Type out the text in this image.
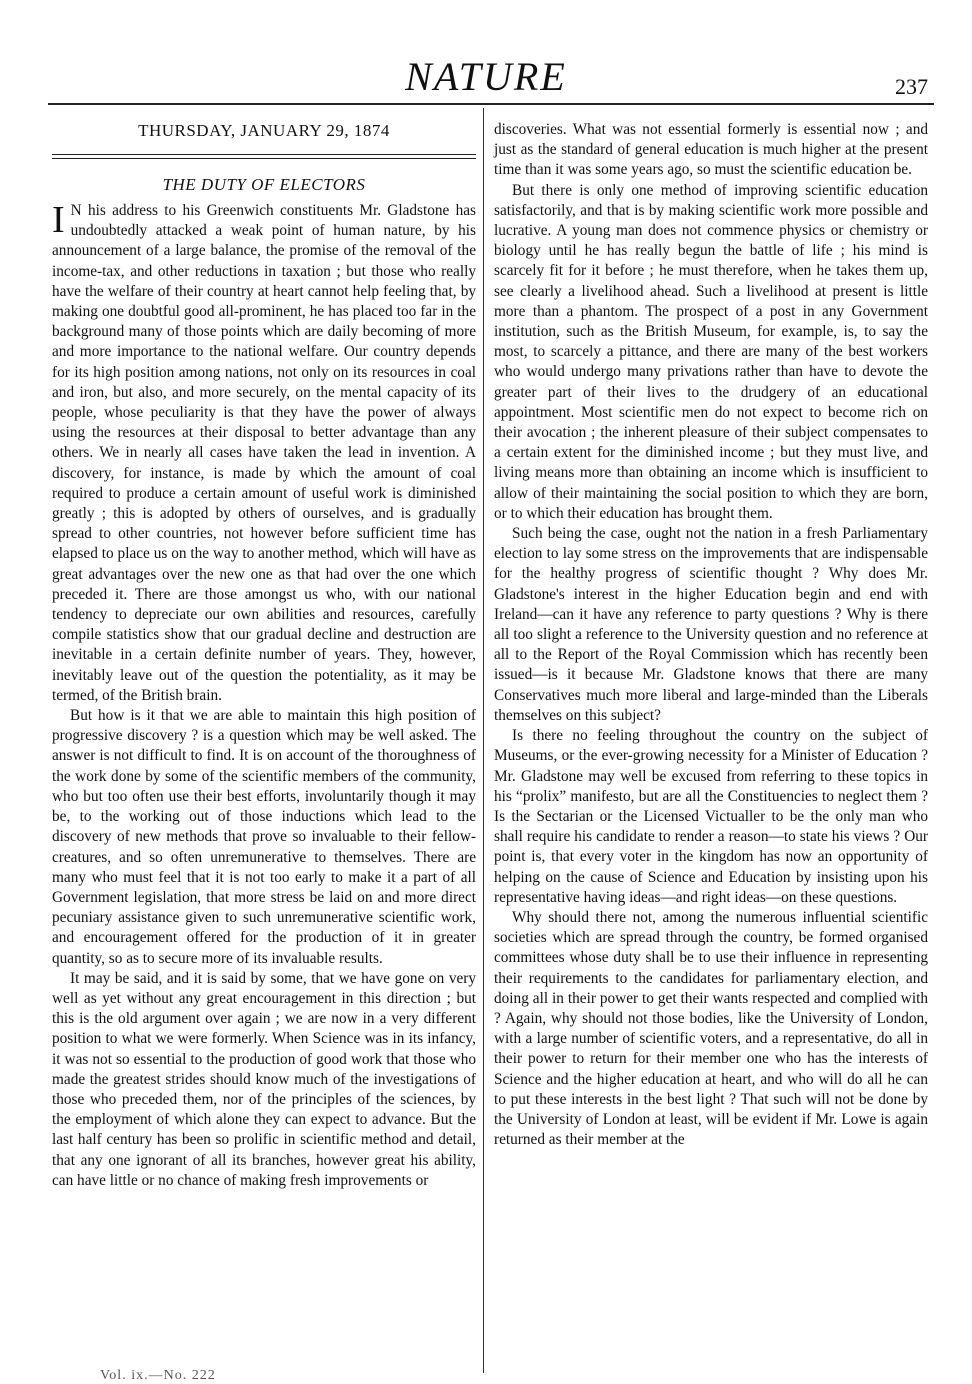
NATURE	237
THURSDAY, JANUARY 29, 1874
THE DUTY OF ELECTORS

I N his address to his Greenwich constituents Mr. Gladstone has undoubtedly attacked a weak point of human nature, by his announcement of a large balance, the promise of the removal of the income-tax, and other reductions in taxation ; but those who really have the welfare of their country at heart cannot help feeling that, by making one doubtful good all-prominent, he has placed too far in the background many of those points which are daily becoming of more and more importance to the national welfare. Our country depends for its high position among nations, not only on its resources in coal and iron, but also, and more securely, on the mental capacity of its people, whose peculiarity is that they have the power of always using the resources at their disposal to better advantage than any others. We in nearly all cases have taken the lead in invention. A discovery, for instance, is made by which the amount of coal required to produce a certain amount of useful work is diminished greatly ; this is adopted by others of ourselves, and is gradually spread to other countries, not however before sufficient time has elapsed to place us on the way to another method, which will have as great advantages over the new one as that had over the one which preceded it. There are those amongst us who, with our national tendency to depreciate our own abilities and resources, carefully compile statistics show that our gradual decline and destruction are inevitable in a certain definite number of years. They, however, inevitably leave out of the question the potentiality, as it may be termed, of the British brain.

But how is it that we are able to maintain this high position of progressive discovery ? is a question which may be well asked. The answer is not difficult to find. It is on account of the thoroughness of the work done by some of the scientific members of the community, who but too often use their best efforts, involuntarily though it may be, to the working out of those inductions which lead to the discovery of new methods that prove so invaluable to their fellow-creatures, and so often unremunerative to themselves. There are many who must feel that it is not too early to make it a part of all Government legislation, that more stress be laid on and more direct pecuniary assistance given to such unremunerative scientific work, and encouragement offered for the production of it in greater quantity, so as to secure more of its invaluable results.

It may be said, and it is said by some, that we have gone on very well as yet without any great encouragement in this direction ; but this is the old argument over again ; we are now in a very different position to what we were formerly. When Science was in its infancy, it was not so essential to the production of good work that those who made the greatest strides should know much of the investigations of those who preceded them, nor of the principles of the sciences, by the employment of which alone they can expect to advance. But the last half century has been so prolific in scientific method and detail, that any one ignorant of all its branches, however great his ability, can have little or no chance of making fresh improvements or

discoveries. What was not essential formerly is essential now ; and just as the standard of general education is much higher at the present time than it was some years ago, so must the scientific education be.

But there is only one method of improving scientific education satisfactorily, and that is by making scientific work more possible and lucrative. A young man does not commence physics or chemistry or biology until he has really begun the battle of life ; his mind is scarcely fit for it before ; he must therefore, when he takes them up, see clearly a livelihood ahead. Such a livelihood at present is little more than a phantom. The prospect of a post in any Government institution, such as the British Museum, for example, is, to say the most, to scarcely a pittance, and there are many of the best workers who would undergo many privations rather than have to devote the greater part of their lives to the drudgery of an educational appointment. Most scientific men do not expect to become rich on their avocation ; the inherent pleasure of their subject compensates to a certain extent for the diminished income ; but they must live, and living means more than obtaining an income which is insufficient to allow of their maintaining the social position to which they are born, or to which their education has brought them.

Such being the case, ought not the nation in a fresh Parliamentary election to lay some stress on the improvements that are indispensable for the healthy progress of scientific thought ? Why does Mr. Gladstone's interest in the higher Education begin and end with Ireland—can it have any reference to party questions ? Why is there all too slight a reference to the University question and no reference at all to the Report of the Royal Commission which has recently been issued—is it because Mr. Gladstone knows that there are many Conservatives much more liberal and large-minded than the Liberals themselves on this subject?

Is there no feeling throughout the country on the subject of Museums, or the ever-growing necessity for a Minister of Education ? Mr. Gladstone may well be excused from referring to these topics in his “prolix” manifesto, but are all the Constituencies to neglect them ? Is the Sectarian or the Licensed Victualler to be the only man who shall require his candidate to render a reason—to state his views ? Our point is, that every voter in the kingdom has now an opportunity of helping on the cause of Science and Education by insisting upon his representative having ideas—and right ideas—on these questions.

Why should there not, among the numerous influential scientific societies which are spread through the country, be formed organised committees whose duty shall be to use their influence in representing their requirements to the candidates for parliamentary election, and doing all in their power to get their wants respected and complied with ? Again, why should not those bodies, like the University of London, with a large number of scientific voters, and a representative, do all in their power to return for their member one who has the interests of Science and the higher education at heart, and who will do all he can to put these interests in the best light ? That such will not be done by the University of London at least, will be evident if Mr. Lowe is again returned as their member at the

Vol. ix.—No. 222
